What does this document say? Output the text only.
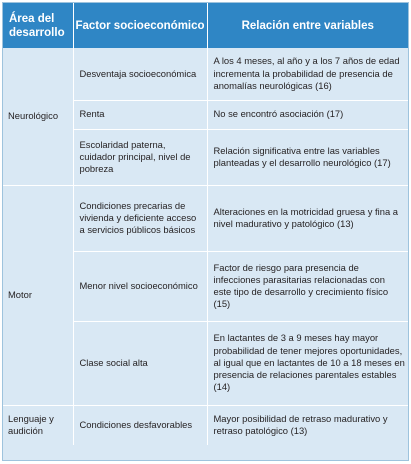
Área del desarrollo	Factor socioeconómico	Relación entre variables
Neurológico	Desventaja socioeconómica	A los 4 meses, al año y a los 7 años de edad incrementa la probabilidad de presencia de anomalías neurológicas (16)
	Renta	No se encontró asociación (17)
	Escolaridad paterna, cuidador principal, nivel de pobreza	Relación significativa entre las variables planteadas y el desarrollo neurológico (17)
Motor	Condiciones precarias de vivienda y deficiente acceso a servicios públicos básicos	Alteraciones en la motricidad gruesa y fina a nivel madurativo y patológico (13)
	Menor nivel socioeconómico	Factor de riesgo para presencia de infecciones parasitarias relacionadas con este tipo de desarrollo y crecimiento físico (15)
	Clase social alta	En lactantes de 3 a 9 meses hay mayor probabilidad de tener mejores oportunidades, al igual que en lactantes de 10 a 18 meses en presencia de relaciones parentales estables (14)
Lenguaje y audición	Condiciones desfavorables	Mayor posibilidad de retraso madurativo y retraso patológico (13)
